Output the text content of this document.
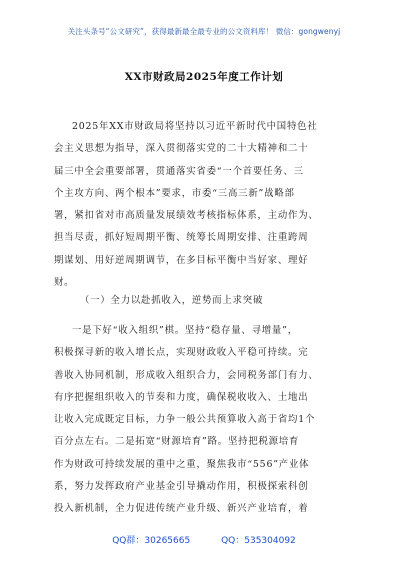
关注头条号“公文研究”，获得最新最全最专业的公文资料库！ 微信：gongwenyj
XX市财政局2025年度工作计划
2025年XX市财政局将坚持以习近平新时代中国特色社
会主义思想为指导，深入贯彻落实党的二十大精神和二十
届三中全会重要部署，贯通落实省委“一个首要任务、三
个主攻方向、两个根本”要求，市委“三高三新”战略部
署，紧扣省对市高质量发展绩效考核指标体系，主动作为、
担当尽责，抓好短周期平衡、统筹长周期安排、注重跨周
期谋划、用好逆周期调节，在多目标平衡中当好家、理好
财。
（一）全力以赴抓收入，逆势而上求突破
一是下好“收入组织”棋。坚持“稳存量、寻增量”，
积极探寻新的收入增长点，实现财政收入平稳可持续。完
善收入协同机制，形成收入组织合力，会同税务部门有力、
有序把握组织收入的节奏和力度，确保税收收入、土地出
让收入完成既定目标，力争一般公共预算收入高于省均1个
百分点左右。二是拓宽“财源培育”路。坚持把税源培育
作为财政可持续发展的重中之重，聚焦我市“556”产业体
系，努力发挥政府产业基金引导撬动作用，积极探索科创
投入新机制，全力促进传统产业升级、新兴产业培育，着
QQ群：30265665	QQ：535304092
